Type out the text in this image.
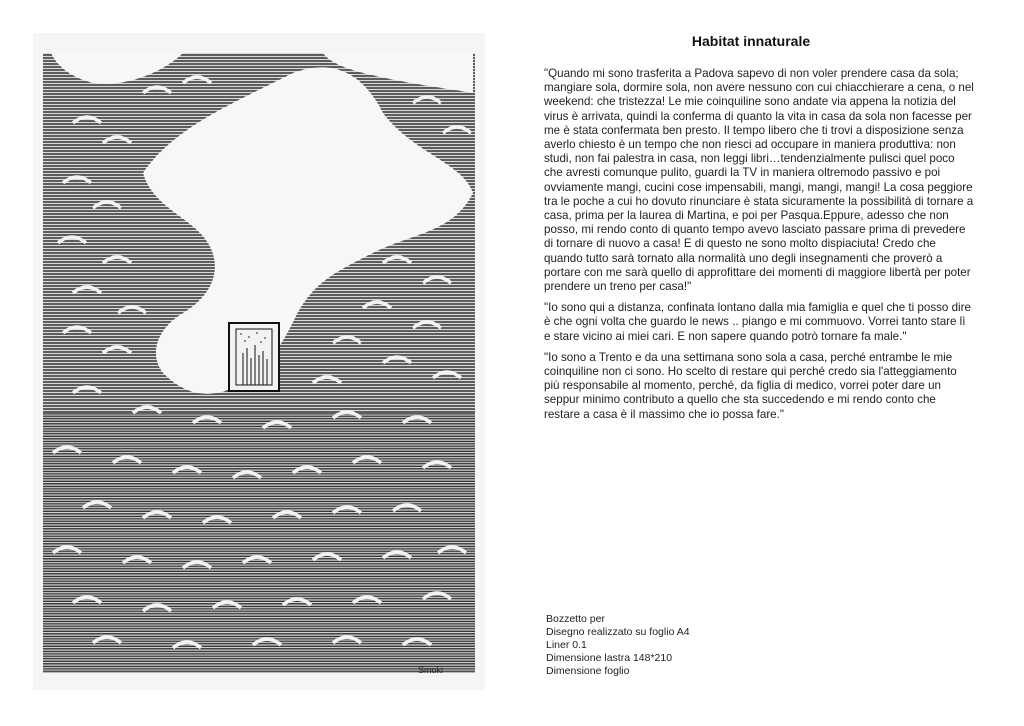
Smoki
Habitat innaturale

"Quando mi sono trasferita a Padova sapevo di non voler prendere casa da sola; mangiare sola, dormire sola, non avere nessuno con cui chiacchierare a cena, o nel weekend: che tristezza! Le mie coinquiline sono andate via appena la notizia del virus è arrivata, quindi la conferma di quanto la vita in casa da sola non facesse per me è stata confermata ben presto. Il tempo libero che ti trovi a disposizione senza averlo chiesto è un tempo che non riesci ad occupare in maniera produttiva: non studi, non fai palestra in casa, non leggi libri…tendenzialmente pulisci quel poco che avresti comunque pulito, guardi la TV in maniera oltremodo passivo e poi ovviamente mangi, cucini cose impensabili, mangi, mangi, mangi! La cosa peggiore tra le poche a cui ho dovuto rinunciare è stata sicuramente la possibilità di tornare a casa, prima per la laurea di Martina, e poi per Pasqua.Eppure, adesso che non posso, mi rendo conto di quanto tempo avevo lasciato passare prima di prevedere di tornare di nuovo a casa! E di questo ne sono molto dispiaciuta! Credo che quando tutto sarà tornato alla normalità uno degli insegnamenti che proverò a portare con me sarà quello di approfittare dei momenti di maggiore libertà per poter prendere un treno per casa!"

"Io sono qui a distanza, confinata lontano dalla mia famiglia e quel che ti posso dire è che ogni volta che guardo le news .. piango e mi commuovo. Vorrei tanto stare lì e stare vicino ai miei cari. E non sapere quando potrò tornare fa male."

"Io sono a Trento e da una settimana sono sola a casa, perché entrambe le mie coinquiline non ci sono. Ho scelto di restare qui perché credo sia l'atteggiamento più responsabile al momento, perché, da figlia di medico, vorrei poter dare un seppur minimo contributo a quello che sta succedendo e mi rendo conto che restare a casa è il massimo che io possa fare."

Bozzetto per
Disegno realizzato su foglio A4
Liner 0.1
Dimensione lastra 148*210
Dimensione foglio
